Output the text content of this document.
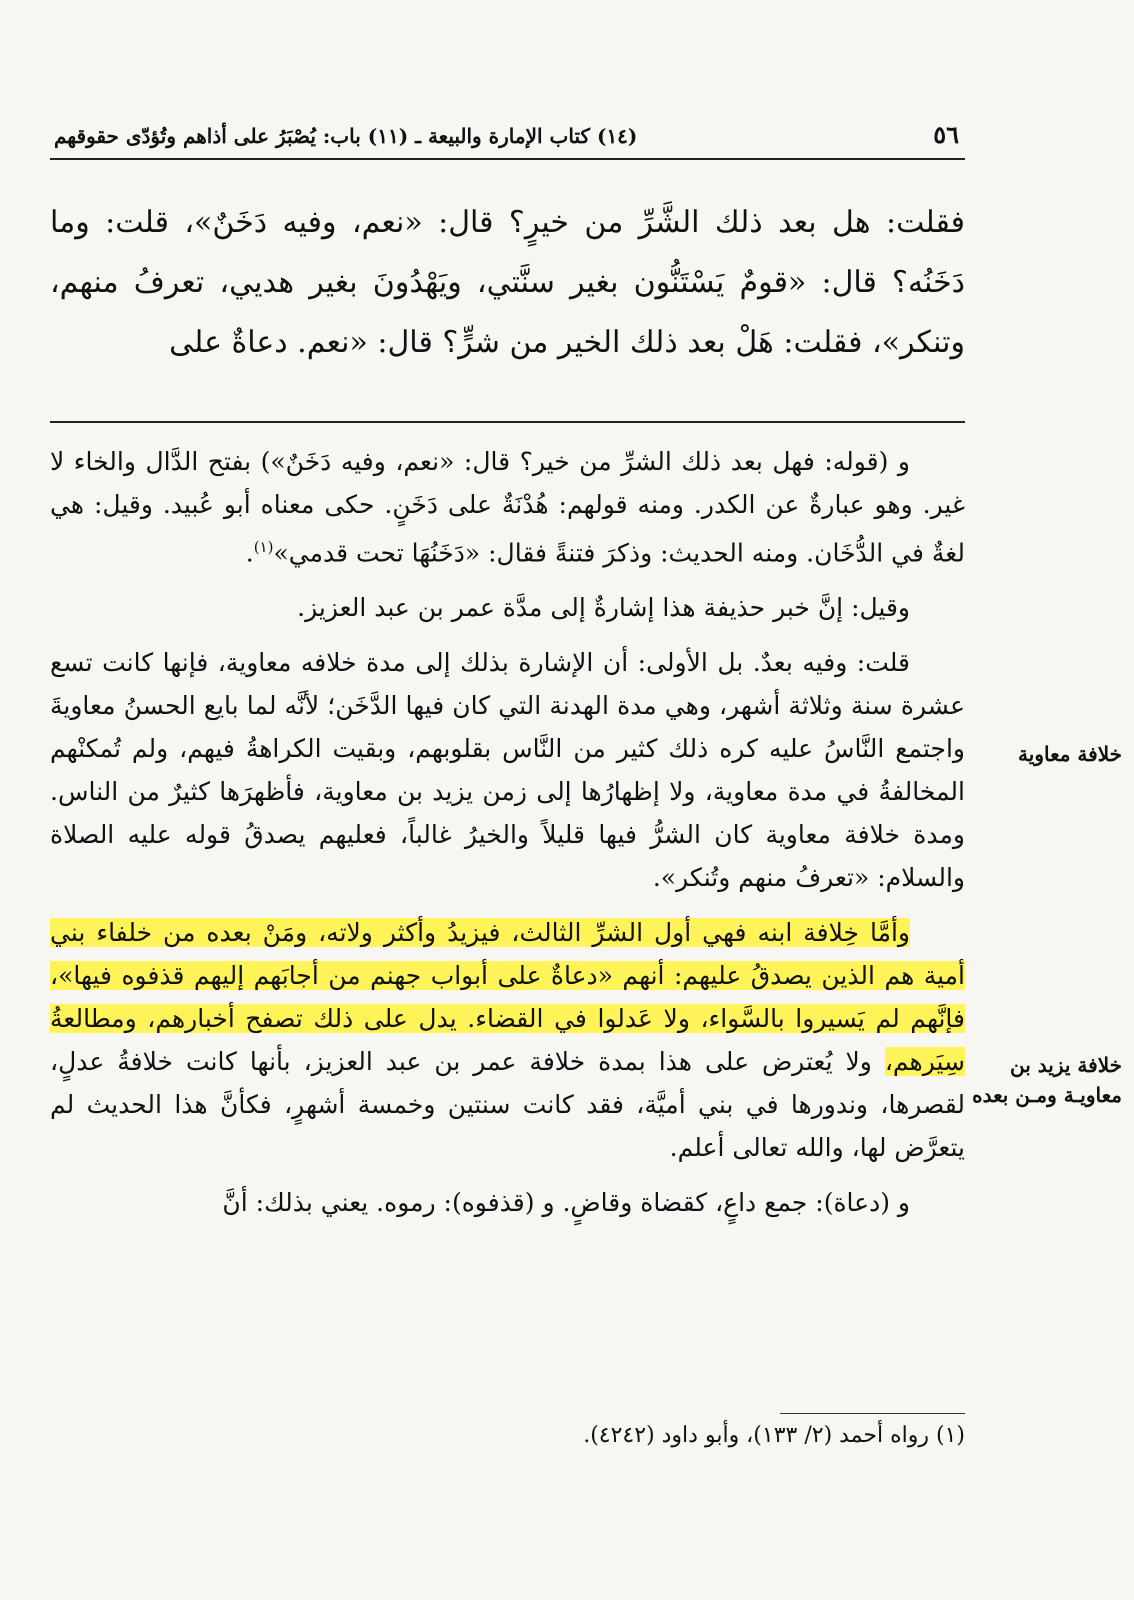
٥٦
(١٤) كتاب الإمارة والبيعة ـ (١١) باب: يُصْبَرُ على أذاهم وتُؤدّى حقوقهم
فقلت: هل بعد ذلك الشَّرِّ من خيرٍ؟ قال: «نعم، وفيه دَخَنٌ»، قلت: وما دَخَنُه؟ قال: «قومٌ يَسْتَنُّون بغير سنَّتي، ويَهْدُونَ بغير هديي، تعرفُ منهم، وتنكر»، فقلت: هَلْ بعد ذلك الخير من شرٍّ؟ قال: «نعم. دعاةٌ على

و (قوله: فهل بعد ذلك الشرِّ من خير؟ قال: «نعم، وفيه دَخَنٌ») بفتح الدَّال والخاء لا غير. وهو عبارةٌ عن الكدر. ومنه قولهم: هُدْنَةٌ على دَخَنٍ. حكى معناه أبو عُبيد. وقيل: هي لغةٌ في الدُّخَان. ومنه الحديث: وذكرَ فتنةً فقال: «دَخَنُهَا تحت قدمي»$^{(١)}$.

وقيل: إنَّ خبر حذيفة هذا إشارةٌ إلى مدَّة عمر بن عبد العزيز.

قلت: وفيه بعدٌ. بل الأولى: أن الإشارة بذلك إلى مدة خلافه معاوية، فإنها كانت تسع عشرة سنة وثلاثة أشهر، وهي مدة الهدنة التي كان فيها الدَّخَن؛ لأنَّه لما بايع الحسنُ معاويةَ واجتمع النَّاسُ عليه كره ذلك كثير من النَّاس بقلوبهم، وبقيت الكراهةُ فيهم، ولم تُمكنْهم المخالفةُ في مدة معاوية، ولا إظهارُها إلى زمن يزيد بن معاوية، فأظهرَها كثيرٌ من الناس. ومدة خلافة معاوية كان الشرُّ فيها قليلاً والخيرُ غالباً، فعليهم يصدقُ قوله عليه الصلاة والسلام: «تعرفُ منهم وتُنكر».

وأمَّا خِلافة ابنه فهي أول الشرِّ الثالث، فيزيدُ وأكثر ولاته، ومَنْ بعده من خلفاء بني أمية هم الذين يصدقُ عليهم: أنهم «دعاةٌ على أبواب جهنم من أجابَهم إليهم قذفوه فيها»، فإنَّهم لم يَسيروا بالسَّواء، ولا عَدلوا في القضاء. يدل على ذلك تصفح أخبارهم، ومطالعةُ سِيَرهم، ولا يُعترض على هذا بمدة خلافة عمر بن عبد العزيز، بأنها كانت خلافةُ عدلٍ، لقصرها، وندورها في بني أميَّة، فقد كانت سنتين وخمسة أشهرٍ، فكأنَّ هذا الحديث لم يتعرَّض لها، والله تعالى أعلم.

و (دعاة): جمع داعٍ، كقضاة وقاضٍ. و (قذفوه): رموه. يعني بذلك: أنَّ

خلافة معاوية
خلافة يزيد بن معاويـة ومـن بعده
(١) رواه أحمد (٢/ ١٣٣)، وأبو داود (٤٢٤٢).
